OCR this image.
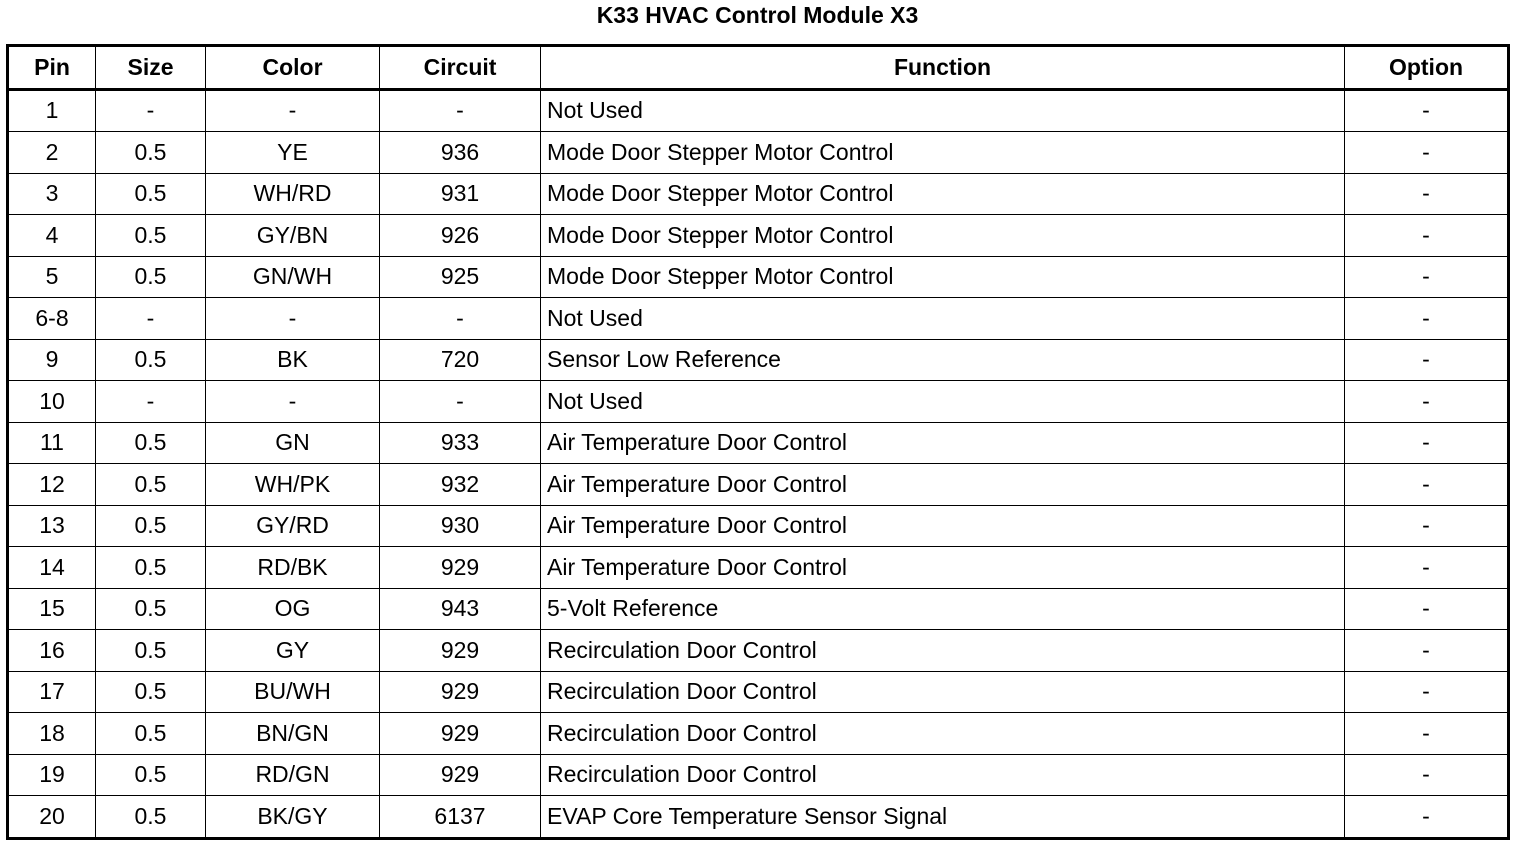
K33 HVAC Control Module X3
Pin	Size	Color	Circuit	Function	Option
1	-	-	-	Not Used	-
2	0.5	YE	936	Mode Door Stepper Motor Control	-
3	0.5	WH/RD	931	Mode Door Stepper Motor Control	-
4	0.5	GY/BN	926	Mode Door Stepper Motor Control	-
5	0.5	GN/WH	925	Mode Door Stepper Motor Control	-
6-8	-	-	-	Not Used	-
9	0.5	BK	720	Sensor Low Reference	-
10	-	-	-	Not Used	-
11	0.5	GN	933	Air Temperature Door Control	-
12	0.5	WH/PK	932	Air Temperature Door Control	-
13	0.5	GY/RD	930	Air Temperature Door Control	-
14	0.5	RD/BK	929	Air Temperature Door Control	-
15	0.5	OG	943	5-Volt Reference	-
16	0.5	GY	929	Recirculation Door Control	-
17	0.5	BU/WH	929	Recirculation Door Control	-
18	0.5	BN/GN	929	Recirculation Door Control	-
19	0.5	RD/GN	929	Recirculation Door Control	-
20	0.5	BK/GY	6137	EVAP Core Temperature Sensor Signal	-
